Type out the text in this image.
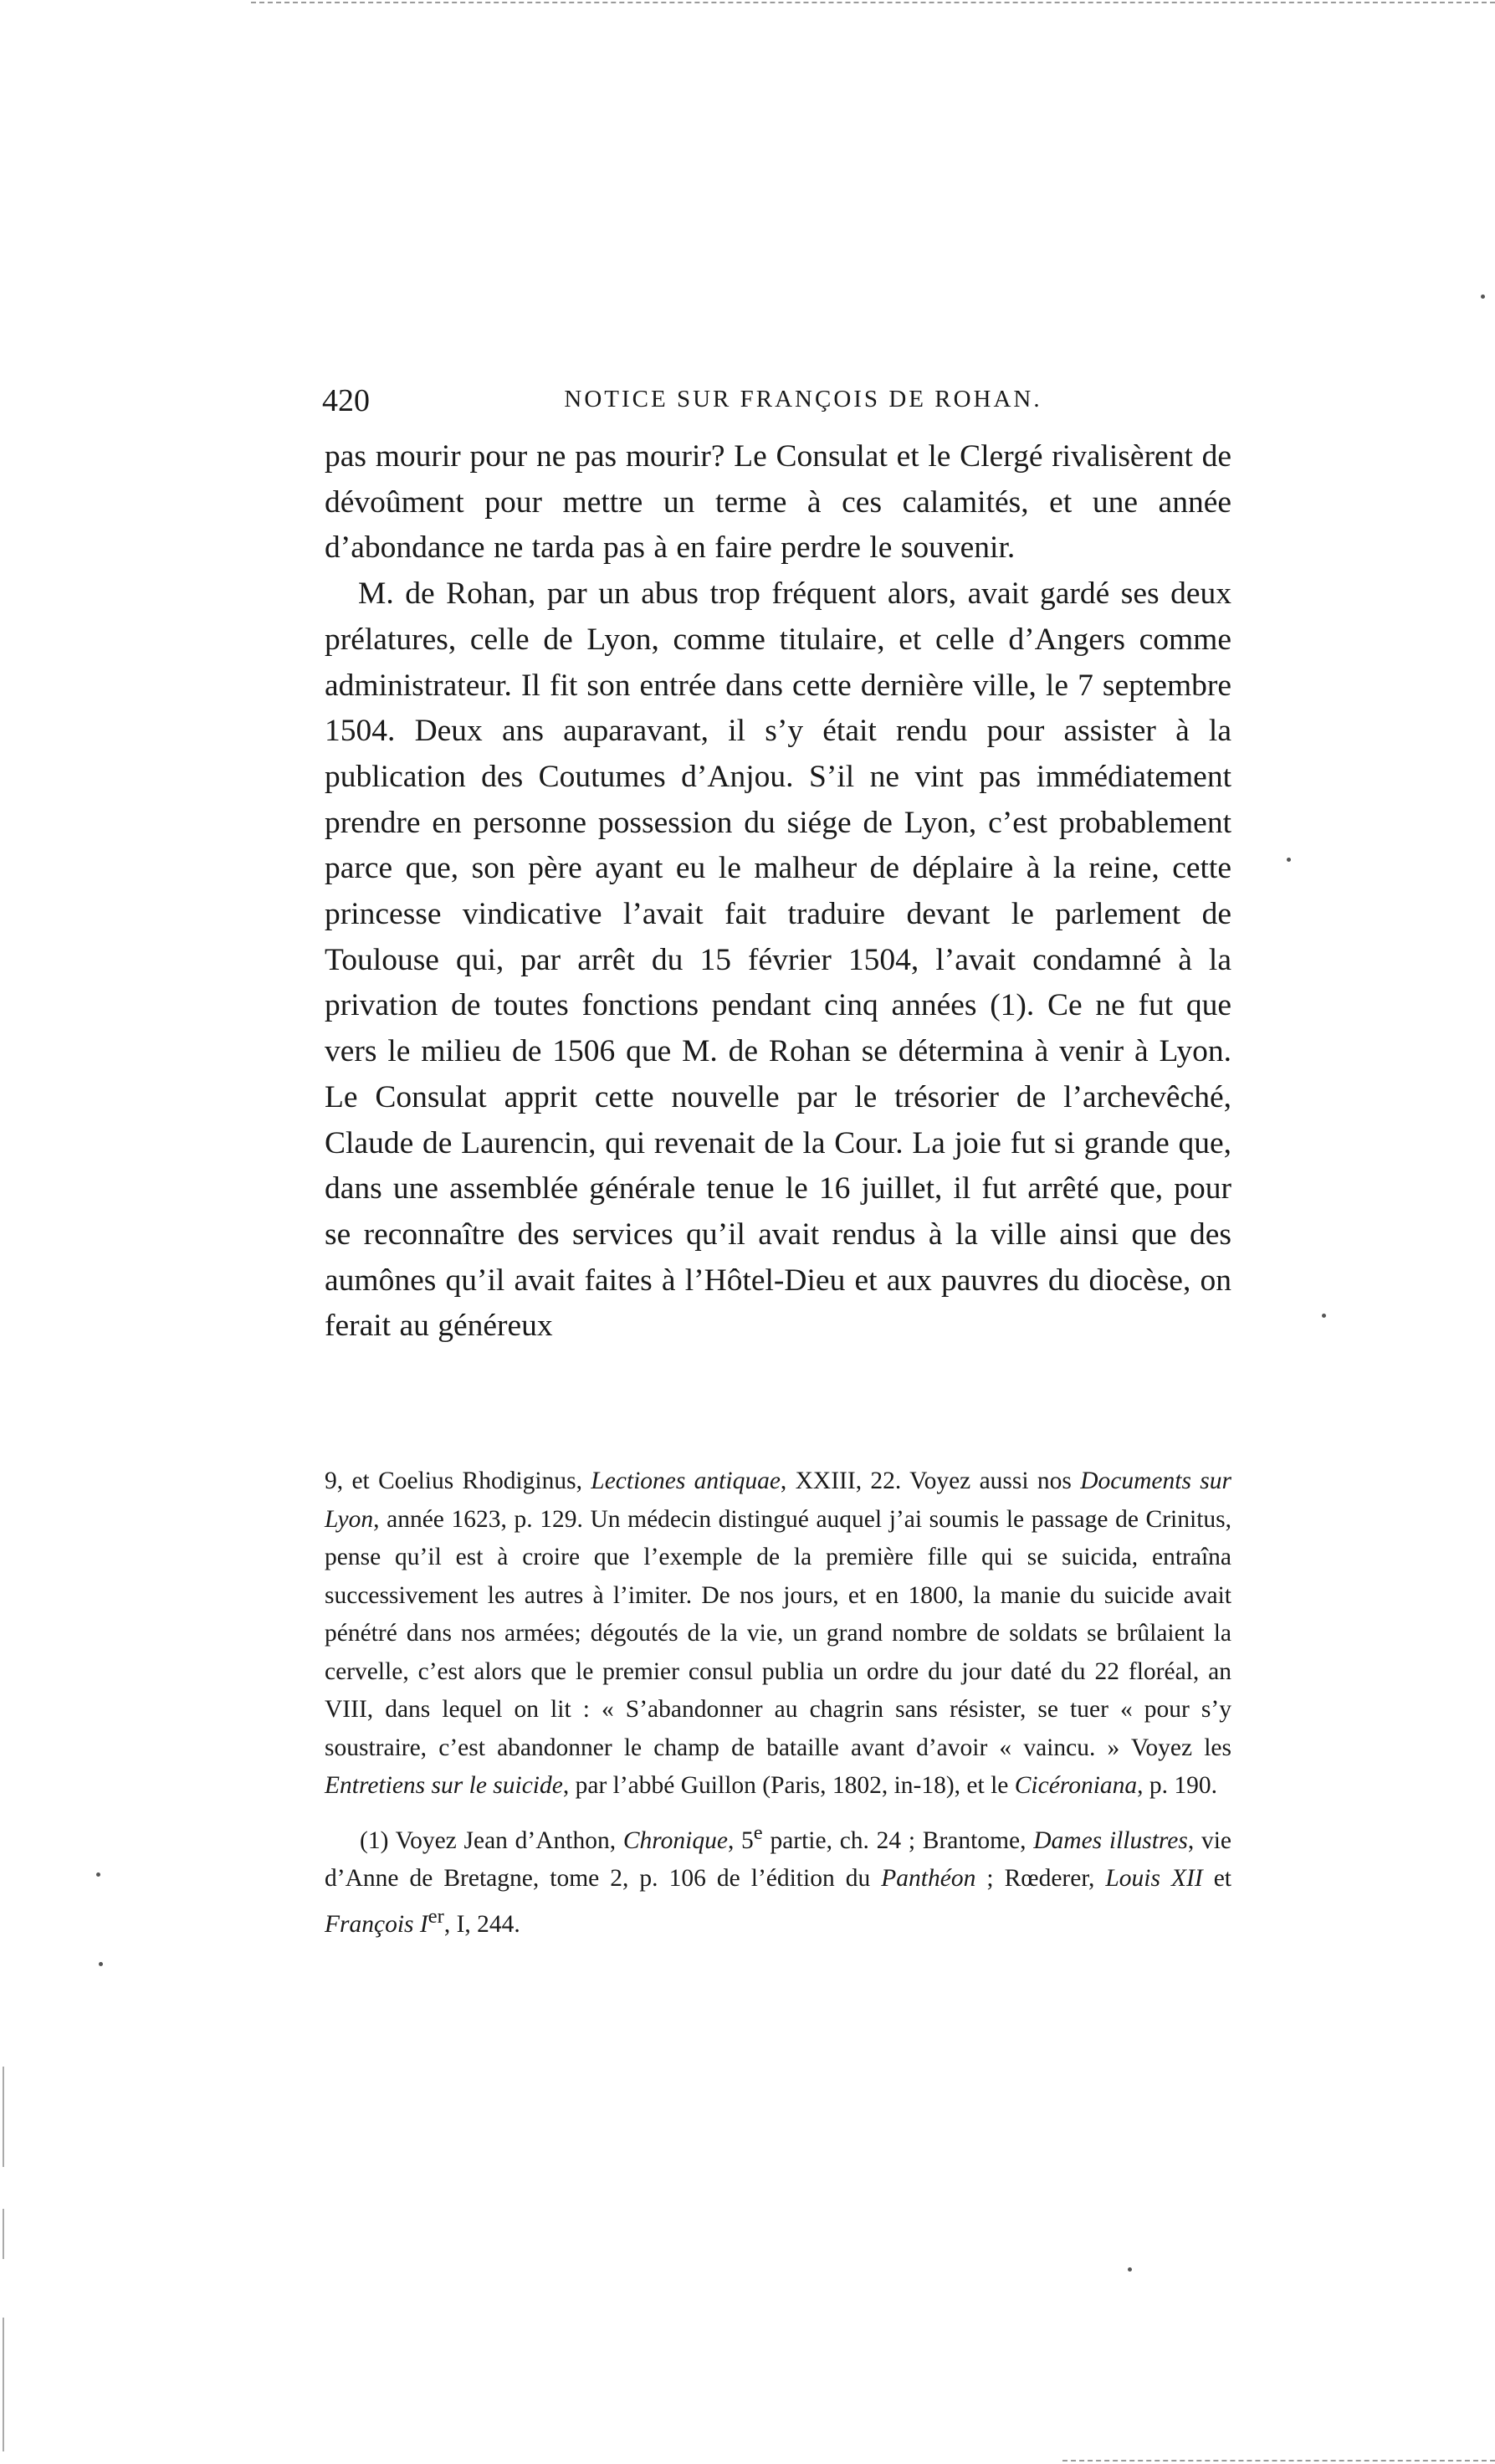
420	NOTICE SUR FRANÇOIS DE ROHAN.

pas mourir pour ne pas mourir? Le Consulat et le Clergé rivalisèrent de dévoûment pour mettre un terme à ces calamités, et une année d’abondance ne tarda pas à en faire perdre le souvenir.

M. de Rohan, par un abus trop fréquent alors, avait gardé ses deux prélatures, celle de Lyon, comme titulaire, et celle d’Angers comme administrateur. Il fit son entrée dans cette dernière ville, le 7 septembre 1504. Deux ans auparavant, il s’y était rendu pour assister à la publication des Coutumes d’Anjou. S’il ne vint pas immédiatement prendre en personne possession du siége de Lyon, c’est probablement parce que, son père ayant eu le malheur de déplaire à la reine, cette princesse vindicative l’avait fait traduire devant le parlement de Toulouse qui, par arrêt du 15 février 1504, l’avait condamné à la privation de toutes fonctions pendant cinq années (1). Ce ne fut que vers le milieu de 1506 que M. de Rohan se détermina à venir à Lyon. Le Consulat apprit cette nouvelle par le trésorier de l’archevêché, Claude de Laurencin, qui revenait de la Cour. La joie fut si grande que, dans une assemblée générale tenue le 16 juillet, il fut arrêté que, pour se reconnaître des services qu’il avait rendus à la ville ainsi que des aumônes qu’il avait faites à l’Hôtel-Dieu et aux pauvres du diocèse, on ferait au généreux

9, et Coelius Rhodiginus, Lectiones antiquae, XXIII, 22. Voyez aussi nos Documents sur Lyon, année 1623, p. 129. Un médecin distingué auquel j’ai soumis le passage de Crinitus, pense qu’il est à croire que l’exemple de la première fille qui se suicida, entraîna successivement les autres à l’imiter. De nos jours, et en 1800, la manie du suicide avait pénétré dans nos armées; dégoutés de la vie, un grand nombre de soldats se brûlaient la cervelle, c’est alors que le premier consul publia un ordre du jour daté du 22 floréal, an VIII, dans lequel on lit : « S’abandonner au chagrin sans résister, se tuer « pour s’y soustraire, c’est abandonner le champ de bataille avant d’avoir « vaincu. » Voyez les Entretiens sur le suicide, par l’abbé Guillon (Paris, 1802, in-18), et le Cicéroniana, p. 190.

(1) Voyez Jean d’Anthon, Chronique, 5e partie, ch. 24 ; Brantome, Dames illustres, vie d’Anne de Bretagne, tome 2, p. 106 de l’édition du Panthéon ; Rœderer, Louis XII et François Ier, I, 244.
